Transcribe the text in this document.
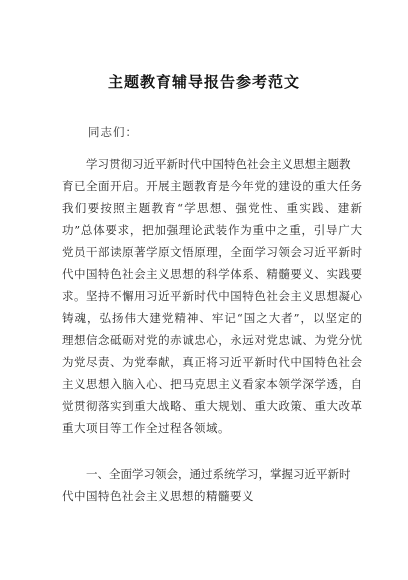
主题教育辅导报告参考范文
同志们：
学习贯彻习近平新时代中国特色社会主义思想主题教
育已全面开启。开展主题教育是今年党的建设的重大任务
我们要按照主题教育“学思想、强党性、重实践、建新
功”总体要求，把加强理论武装作为重中之重，引导广大
党员干部读原著学原文悟原理，全面学习领会习近平新时
代中国特色社会主义思想的科学体系、精髓要义、实践要
求。坚持不懈用习近平新时代中国特色社会主义思想凝心
铸魂，弘扬伟大建党精神、牢记“国之大者”，以坚定的
理想信念砥砺对党的赤诚忠心，永远对党忠诚、为党分忧
为党尽责、为党奉献，真正将习近平新时代中国特色社会
主义思想入脑入心、把马克思主义看家本领学深学透，自
觉贯彻落实到重大战略、重大规划、重大政策、重大改革
重大项目等工作全过程各领域。
一、全面学习领会，通过系统学习，掌握习近平新时
代中国特色社会主义思想的精髓要义
